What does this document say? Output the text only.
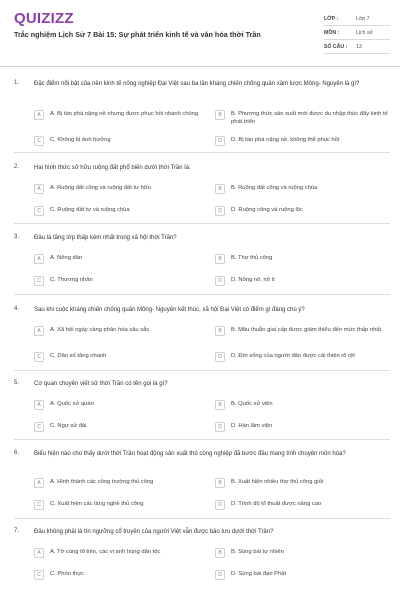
QUIZIZZ
Trắc nghiệm Lịch Sử 7 Bài 15: Sự phát triển kinh tế và văn hóa thời Trần
LỚP :	Lớp 7
MÔN :	Lịch sử
SỐ CÂU :	13
1. Đặc điểm nổi bật của nền kinh tế nông nghiệp Đại Việt sau ba lần kháng chiến chống quân xâm lược Mông- Nguyên là gì?
A	A. Bị tàn phá nặng nề nhưng được phục hồi nhanh chóng	B	B. Phương thức sản xuất mới được du nhập thúc đẩy kinh tế phát triển
C	C. Không bị ảnh hưởng	D	D. Bị tàn phá nặng nề, không thể phục hồi
2. Hai hình thức sở hữu ruộng đất phổ biến dưới thời Trần là:
A	A. Ruộng đất công và ruộng đất tư hữu	B	B. Ruộng đất công và ruộng chùa
C	C. Ruộng đất tư và ruộng chùa	D	D. Ruộng công và ruộng lộc
3. Đâu là tầng lớp thấp kém nhất trong xã hội thời Trần?
A	A. Nông dân	B	B. Thợ thủ công
C	C. Thương nhân	D	D. Nông nô, nô tì
4. Sau khi cuộc kháng chiến chống quân Mông- Nguyên kết thúc, xã hội Đại Việt có điểm gì đáng chú ý?
A	A. Xã hội ngày càng phân hóa sâu sắc	B	B. Mâu thuẫn giai cấp được giảm thiểu đến mức thấp nhất
C	C. Dân số tăng nhanh	D	D. Đời sống của người dân được cải thiện rõ rệt
5. Cơ quan chuyên viết sử thời Trần có tên gọi là gì?
A	A. Quốc sử quán	B	B. Quốc sử viện
C	C. Ngự sử đài	D	D. Hàn lâm viện
6. Biểu hiện nào cho thấy dưới thời Trần hoạt động sản xuất thủ công nghiệp đã bước đầu mang tính chuyên môn hóa?
A	A. Hình thành các công trường thủ công	B	B. Xuất hiện nhiều thợ thủ công giỏi
C	C. Xuất hiện các làng nghề thủ công	D	D. Trình độ kĩ thuật được nâng cao
7. Đâu không phải là tín ngưỡng cổ truyền của người Việt vẫn được bảo lưu dưới thời Trần?
A	A. Tờ cúng tổ tiên, các vị anh hùng dân tộc	B	B. Sùng bái tự nhiên
C	C. Phồn thực	D	D. Sùng bái đạo Phật
